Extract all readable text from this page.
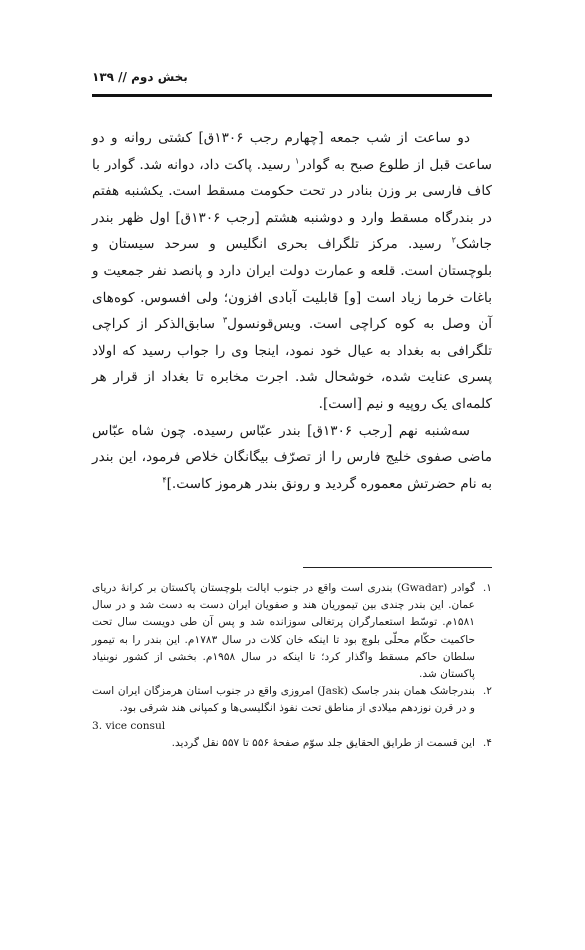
بخش دوم // ۱۳۹

دو ساعت از شب جمعه [چهارم رجب ۱۳۰۶ق] کشتی روانه و دو ساعت قبل از طلوع صبح به گوادر$^۱$ رسید. پاکت داد، دوانه شد. گوادر با کاف فارسی بر وزن بنادر در تحت حکومت مسقط است. یکشنبه هفتم در بندرگاه مسقط وارد و دوشنبه هشتم [رجب ۱۳۰۶ق] اول ظهر بندر جاشک$^۲$ رسید. مرکز تلگراف بحری انگلیس و سرحد سیستان و بلوچستان است. قلعه و عمارت دولت ایران دارد و پانصد نفر جمعیت و باغات خرما زیاد است [و] قابلیت آبادی افزون؛ ولی افسوس. کوه‌های آن وصل به کوه کراچی است. ویس‌قونسول$^۳$ سابق‌الذکر از کراچی تلگرافی به بغداد به عیال خود نمود، اینجا وی را جواب رسید که اولاد پسری عنایت شده، خوشحال شد. اجرت مخابره تا بغداد از قرار هر کلمه‌ای یک روپیه و نیم [است].

سه‌شنبه نهم [رجب ۱۳۰۶ق] بندر عبّاس رسیده. چون شاه عبّاس ماضی صفوی خلیج فارس را از تصرّف بیگانگان خلاص فرمود، این بندر به نام حضرتش معموره گردید و رونق بندر هرموز کاست.]$^۴$

۱.
گوادر (Gwadar) بندری است واقع در جنوب ایالت بلوچستان پاکستان بر کرانهٔ دریای عمان. این بندر چندی بین تیموریان هند و صفویان ایران دست به دست شد و در سال ۱۵۸۱م. توسّط استعمارگران پرتغالی سوزانده شد و پس آن طی دویست سال تحت حاکمیت حکّام محلّی بلوچ بود تا اینکه خان کلات در سال ۱۷۸۳م. این بندر را به تیمور سلطان حاکم مسقط واگذار کرد؛ تا اینکه در سال ۱۹۵۸م. بخشی از کشور نوبنیاد پاکستان شد.
۲.
بندرجاشک همان بندر جاسک (Jask) امروزی واقع در جنوب استان هرمزگان ایران است و در قرن نوزدهم میلادی از مناطق تحت نفوذ انگلیسی‌ها و کمپانی هند شرقی بود.
3. vice consul
۴.
این قسمت از طرایق الحقایق جلد سوّم صفحهٔ ۵۵۶ تا ۵۵۷ نقل گردید.
